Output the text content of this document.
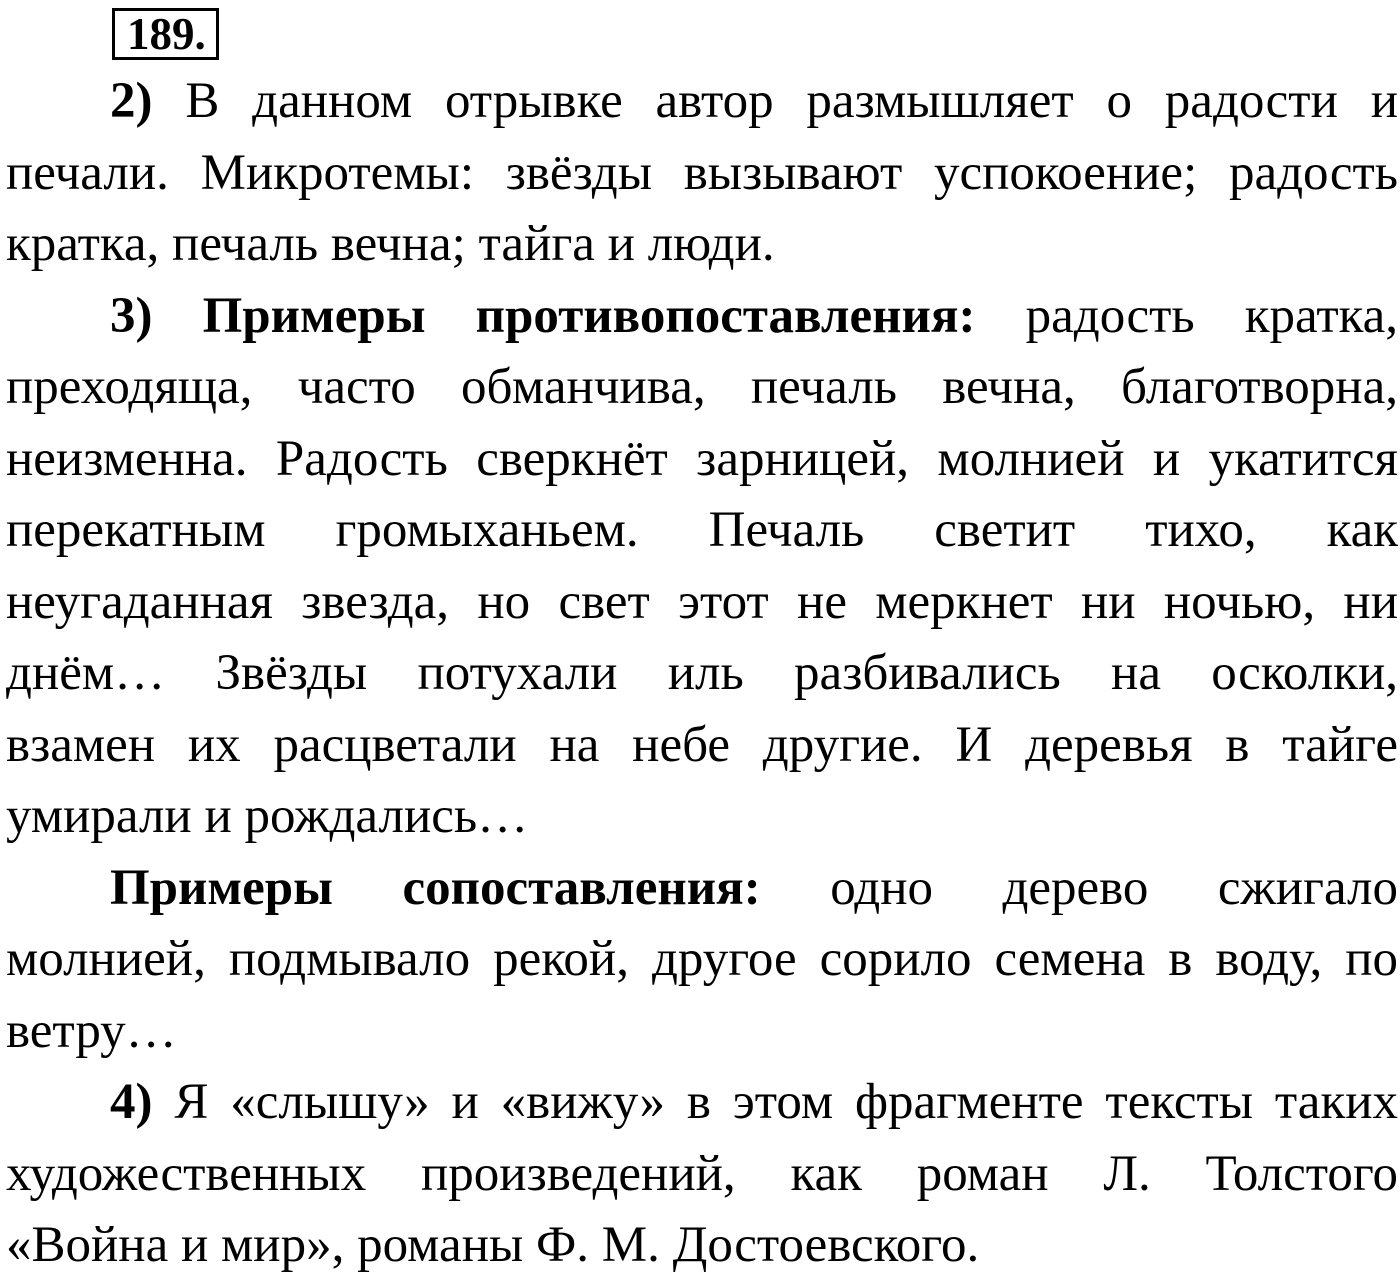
189.
2) В данном отрывке автор размышляет о радости и
печали. Микротемы: звёзды вызывают успокоение; радость
кратка, печаль вечна; тайга и люди.
3) Примеры противопоставления: радость кратка,
преходяща, часто обманчива, печаль вечна, благотворна,
неизменна. Радость сверкнёт зарницей, молнией и укатится
перекатным громыханьем. Печаль светит тихо, как
неугаданная звезда, но свет этот не меркнет ни ночью, ни
днём… Звёзды потухали иль разбивались на осколки,
взамен их расцветали на небе другие. И деревья в тайге
умирали и рождались…
Примеры сопоставления: одно дерево сжигало
молнией, подмывало рекой, другое сорило семена в воду, по
ветру…
4) Я «слышу» и «вижу» в этом фрагменте тексты таких
художественных произведений, как роман Л. Толстого
«Война и мир», романы Ф. М. Достоевского.
